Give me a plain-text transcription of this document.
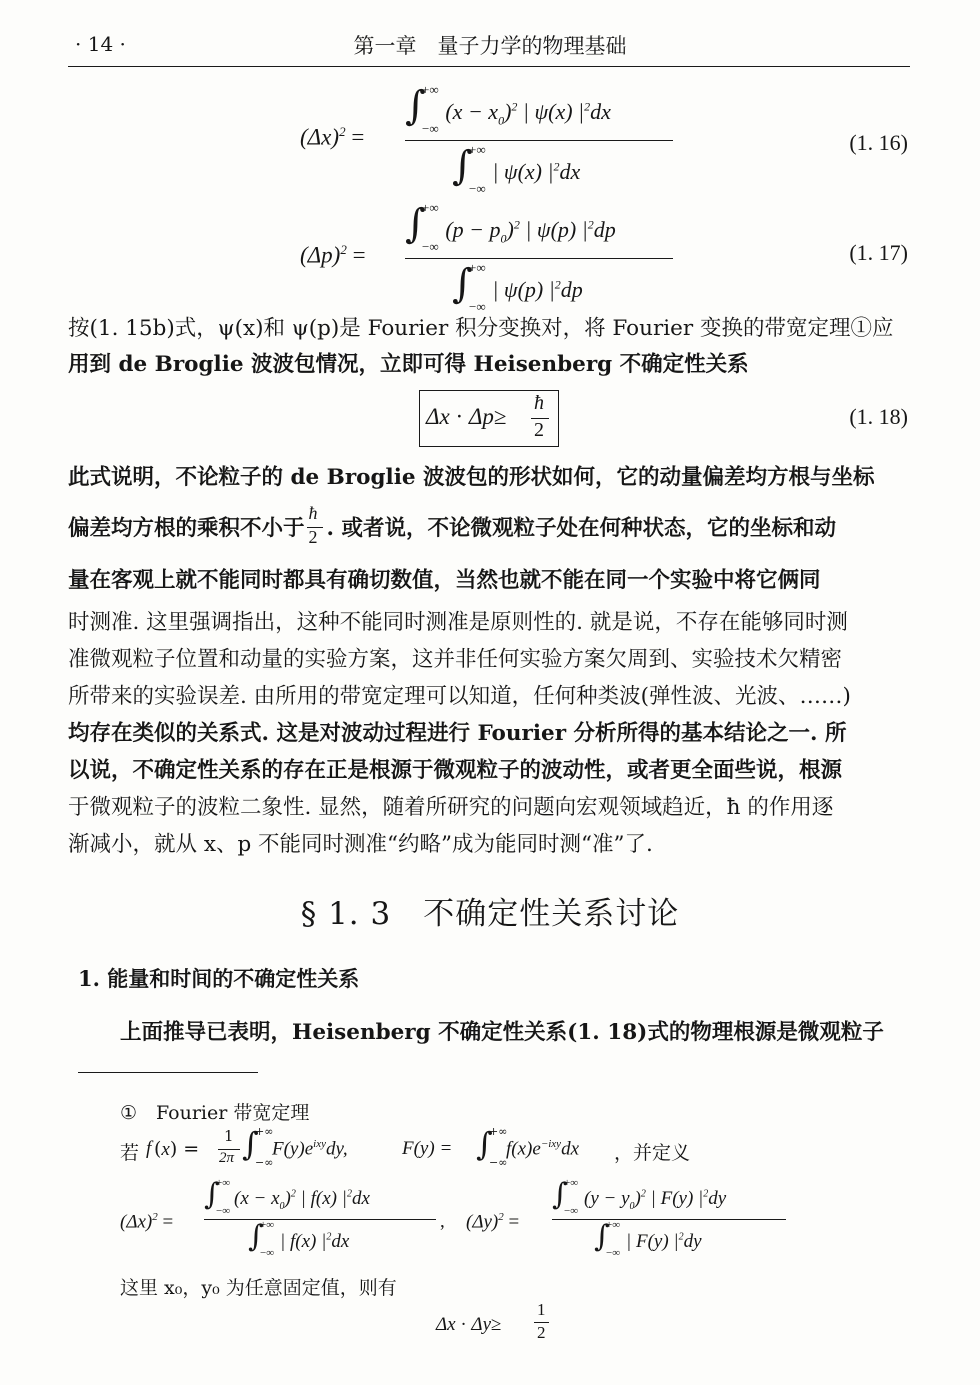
· 14 ·	第一章　量子力学的物理基础
$(\Delta x)^2$ =
∫
+∞
−∞
$(x - x_0)^2$ | ψ(x) $|^2dx$
∫
+∞
−∞
| ψ(x) $|^2dx$
(1. 16)
$(\Delta p)^2$ =
∫
+∞
−∞
$(p - p_0)^2$ | ψ(p) $|^2dp$
∫
+∞
−∞
| ψ(p) $|^2dp$
(1. 17)
按(1. 15b)式，ψ(x)和 ψ(p)是 Fourier 积分变换对，将 Fourier 变换的带宽定理①应
用到 de Broglie 波波包情况，立即可得 Heisenberg 不确定性关系
Δx · Δp≥
ħ
2
(1. 18)
此式说明，不论粒子的 de Broglie 波波包的形状如何，它的动量偏差均方根与坐标
偏差均方根的乘积不小于 $\frac{ħ}{2}$ . 或者说，不论微观粒子处在何种状态，它的坐标和动
量在客观上就不能同时都具有确切数值，当然也就不能在同一个实验中将它俩同
时测准. 这里强调指出，这种不能同时测准是原则性的. 就是说，不存在能够同时测
准微观粒子位置和动量的实验方案，这并非任何实验方案欠周到、实验技术欠精密
所带来的实验误差. 由所用的带宽定理可以知道，任何种类波(弹性波、光波、……)
均存在类似的关系式. 这是对波动过程进行 Fourier 分析所得的基本结论之一. 所
以说，不确定性关系的存在正是根源于微观粒子的波动性，或者更全面些说，根源
于微观粒子的波粒二象性. 显然，随着所研究的问题向宏观领域趋近，ħ 的作用逐
渐减小，就从 x、p 不能同时测准“约略”成为能同时测“准”了.
§ 1. 3　不确定性关系讨论
1. 能量和时间的不确定性关系
上面推导已表明，Heisenberg 不确定性关系(1. 18)式的物理根源是微观粒子
①　Fourier 带宽定理
若 f (x) =
1
2π ∫
+∞
−∞
$F(y)e^{ixy}dy$,	F(y) = ∫
+∞
−∞
$f(x)e^{-ixy}dx$ ，并定义
$(\Delta x)^2$ =
∫
+∞
−∞
$(x - x_0)^2$ | f(x) $|^2dx$
∫
+∞
−∞
| f(x) $|^2dx$
, $(\Delta y)^2$ =
∫
+∞
−∞
$(y - y_0)^2$ | F(y) $|^2dy$
∫
+∞
−∞
| F(y) $|^2dy$
这里 x₀，y₀ 为任意固定值，则有
Δx · Δy≥
1
2
